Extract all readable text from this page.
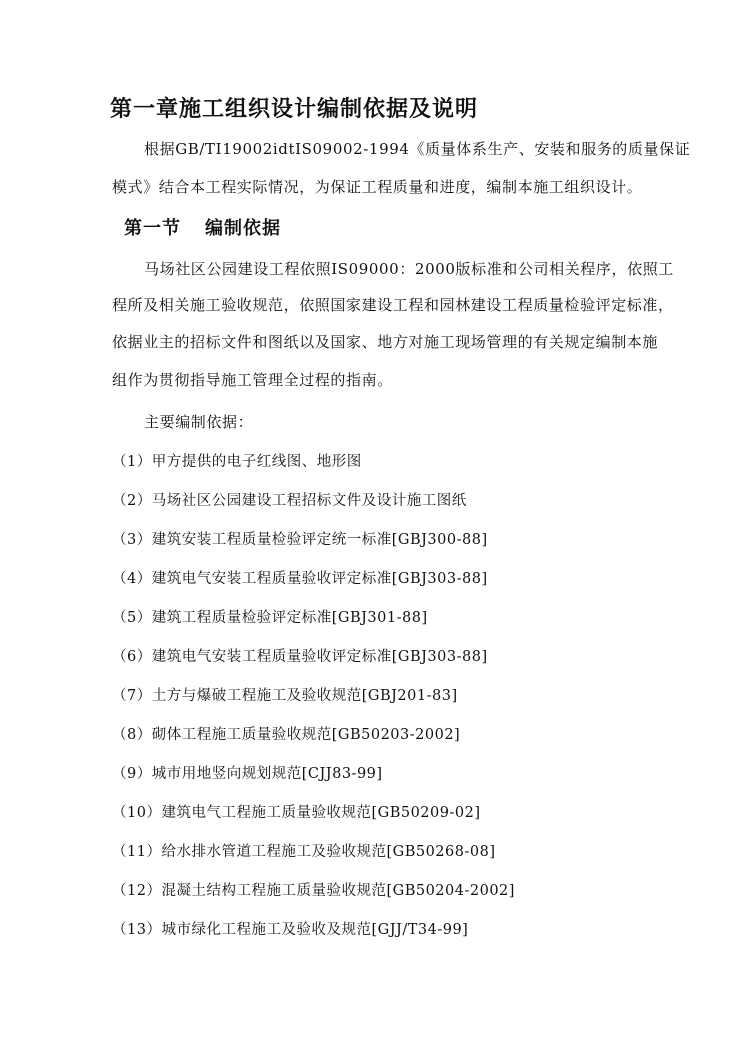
第一章施工组织设计编制依据及说明
根据GB/TI19002idtIS09002-1994《质量体系生产、安装和服务的质量保证
模式》结合本工程实际情况，为保证工程质量和进度，编制本施工组织设计。
第一节 编制依据
马场社区公园建设工程依照IS09000：2000版标准和公司相关程序，依照工
程所及相关施工验收规范，依照国家建设工程和园林建设工程质量检验评定标准，
依据业主的招标文件和图纸以及国家、地方对施工现场管理的有关规定编制本施
组作为贯彻指导施工管理全过程的指南。
主要编制依据：
（1）甲方提供的电子红线图、地形图
（2）马场社区公园建设工程招标文件及设计施工图纸
（3）建筑安装工程质量检验评定统一标准[GBJ300-88]
（4）建筑电气安装工程质量验收评定标准[GBJ303-88]
（5）建筑工程质量检验评定标准[GBJ301-88]
（6）建筑电气安装工程质量验收评定标准[GBJ303-88]
（7）土方与爆破工程施工及验收规范[GBJ201-83]
（8）砌体工程施工质量验收规范[GB50203-2002]
（9）城市用地竖向规划规范[CJJ83-99]
（10）建筑电气工程施工质量验收规范[GB50209-02]
（11）给水排水管道工程施工及验收规范[GB50268-08]
（12）混凝土结构工程施工质量验收规范[GB50204-2002]
（13）城市绿化工程施工及验收及规范[GJJ/T34-99]
